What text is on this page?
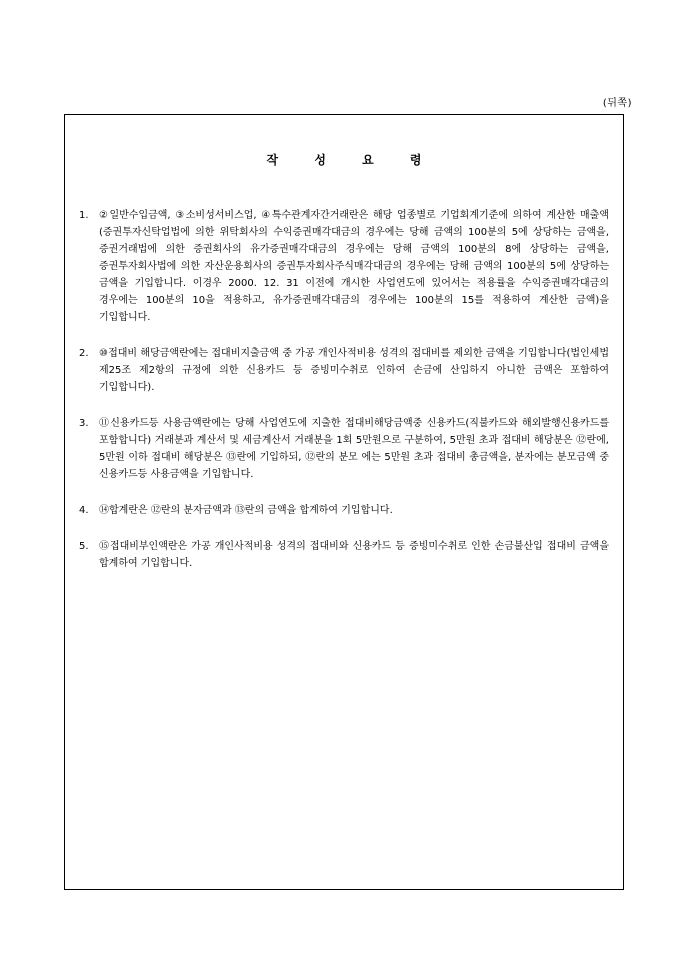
(뒤쪽)
작 성 요 령
1.	②일반수입금액, ③소비성서비스업, ④특수관계자간거래란은 해당 업종별로 기업회계기준에 의하여 계산한 매출액(증권투자신탁업법에 의한 위탁회사의 수익증권매각대금의 경우에는 당해 금액의 100분의 5에 상당하는 금액을, 증권거래법에 의한 증권회사의 유가증권매각대금의 경우에는 당해 금액의 100분의 8에 상당하는 금액을, 증권투자회사법에 의한 자산운용회사의 증권투자회사주식매각대금의 경우에는 당해 금액의 100분의 5에 상당하는 금액을 기입합니다. 이경우 2000. 12. 31 이전에 개시한 사업연도에 있어서는 적용률을 수익증권매각대금의 경우에는 100분의 10을 적용하고, 유가증권매각대금의 경우에는 100분의 15를 적용하여 계산한 금액)을 기입합니다.
2.	⑩접대비 해당금액란에는 접대비지출금액 중 가공 개인사적비용 성격의 접대비를 제외한 금액을 기입합니다(법인세법 제25조 제2항의 규정에 의한 신용카드 등 증빙미수취로 인하여 손금에 산입하지 아니한 금액은 포함하여 기입합니다).
3.	⑪신용카드등 사용금액란에는 당해 사업연도에 지출한 접대비해당금액중 신용카드(직불카드와 해외발행신용카드를 포함합니다) 거래분과 계산서 및 세금계산서 거래분을 1회 5만원으로 구분하여, 5만원 초과 접대비 해당분은 ⑫란에, 5만원 이하 접대비 해당분은 ⑬란에 기입하되, ⑫란의 분모 에는 5만원 초과 접대비 총금액을, 분자에는 분모금액 중 신용카드등 사용금액을 기입합니다.
4.	⑭합계란은 ⑫란의 분자금액과 ⑬란의 금액을 합계하여 기입합니다.
5.	⑮접대비부인액란은 가공 개인사적비용 성격의 접대비와 신용카드 등 증빙미수취로 인한 손금불산입 접대비 금액을 합계하여 기입합니다.
